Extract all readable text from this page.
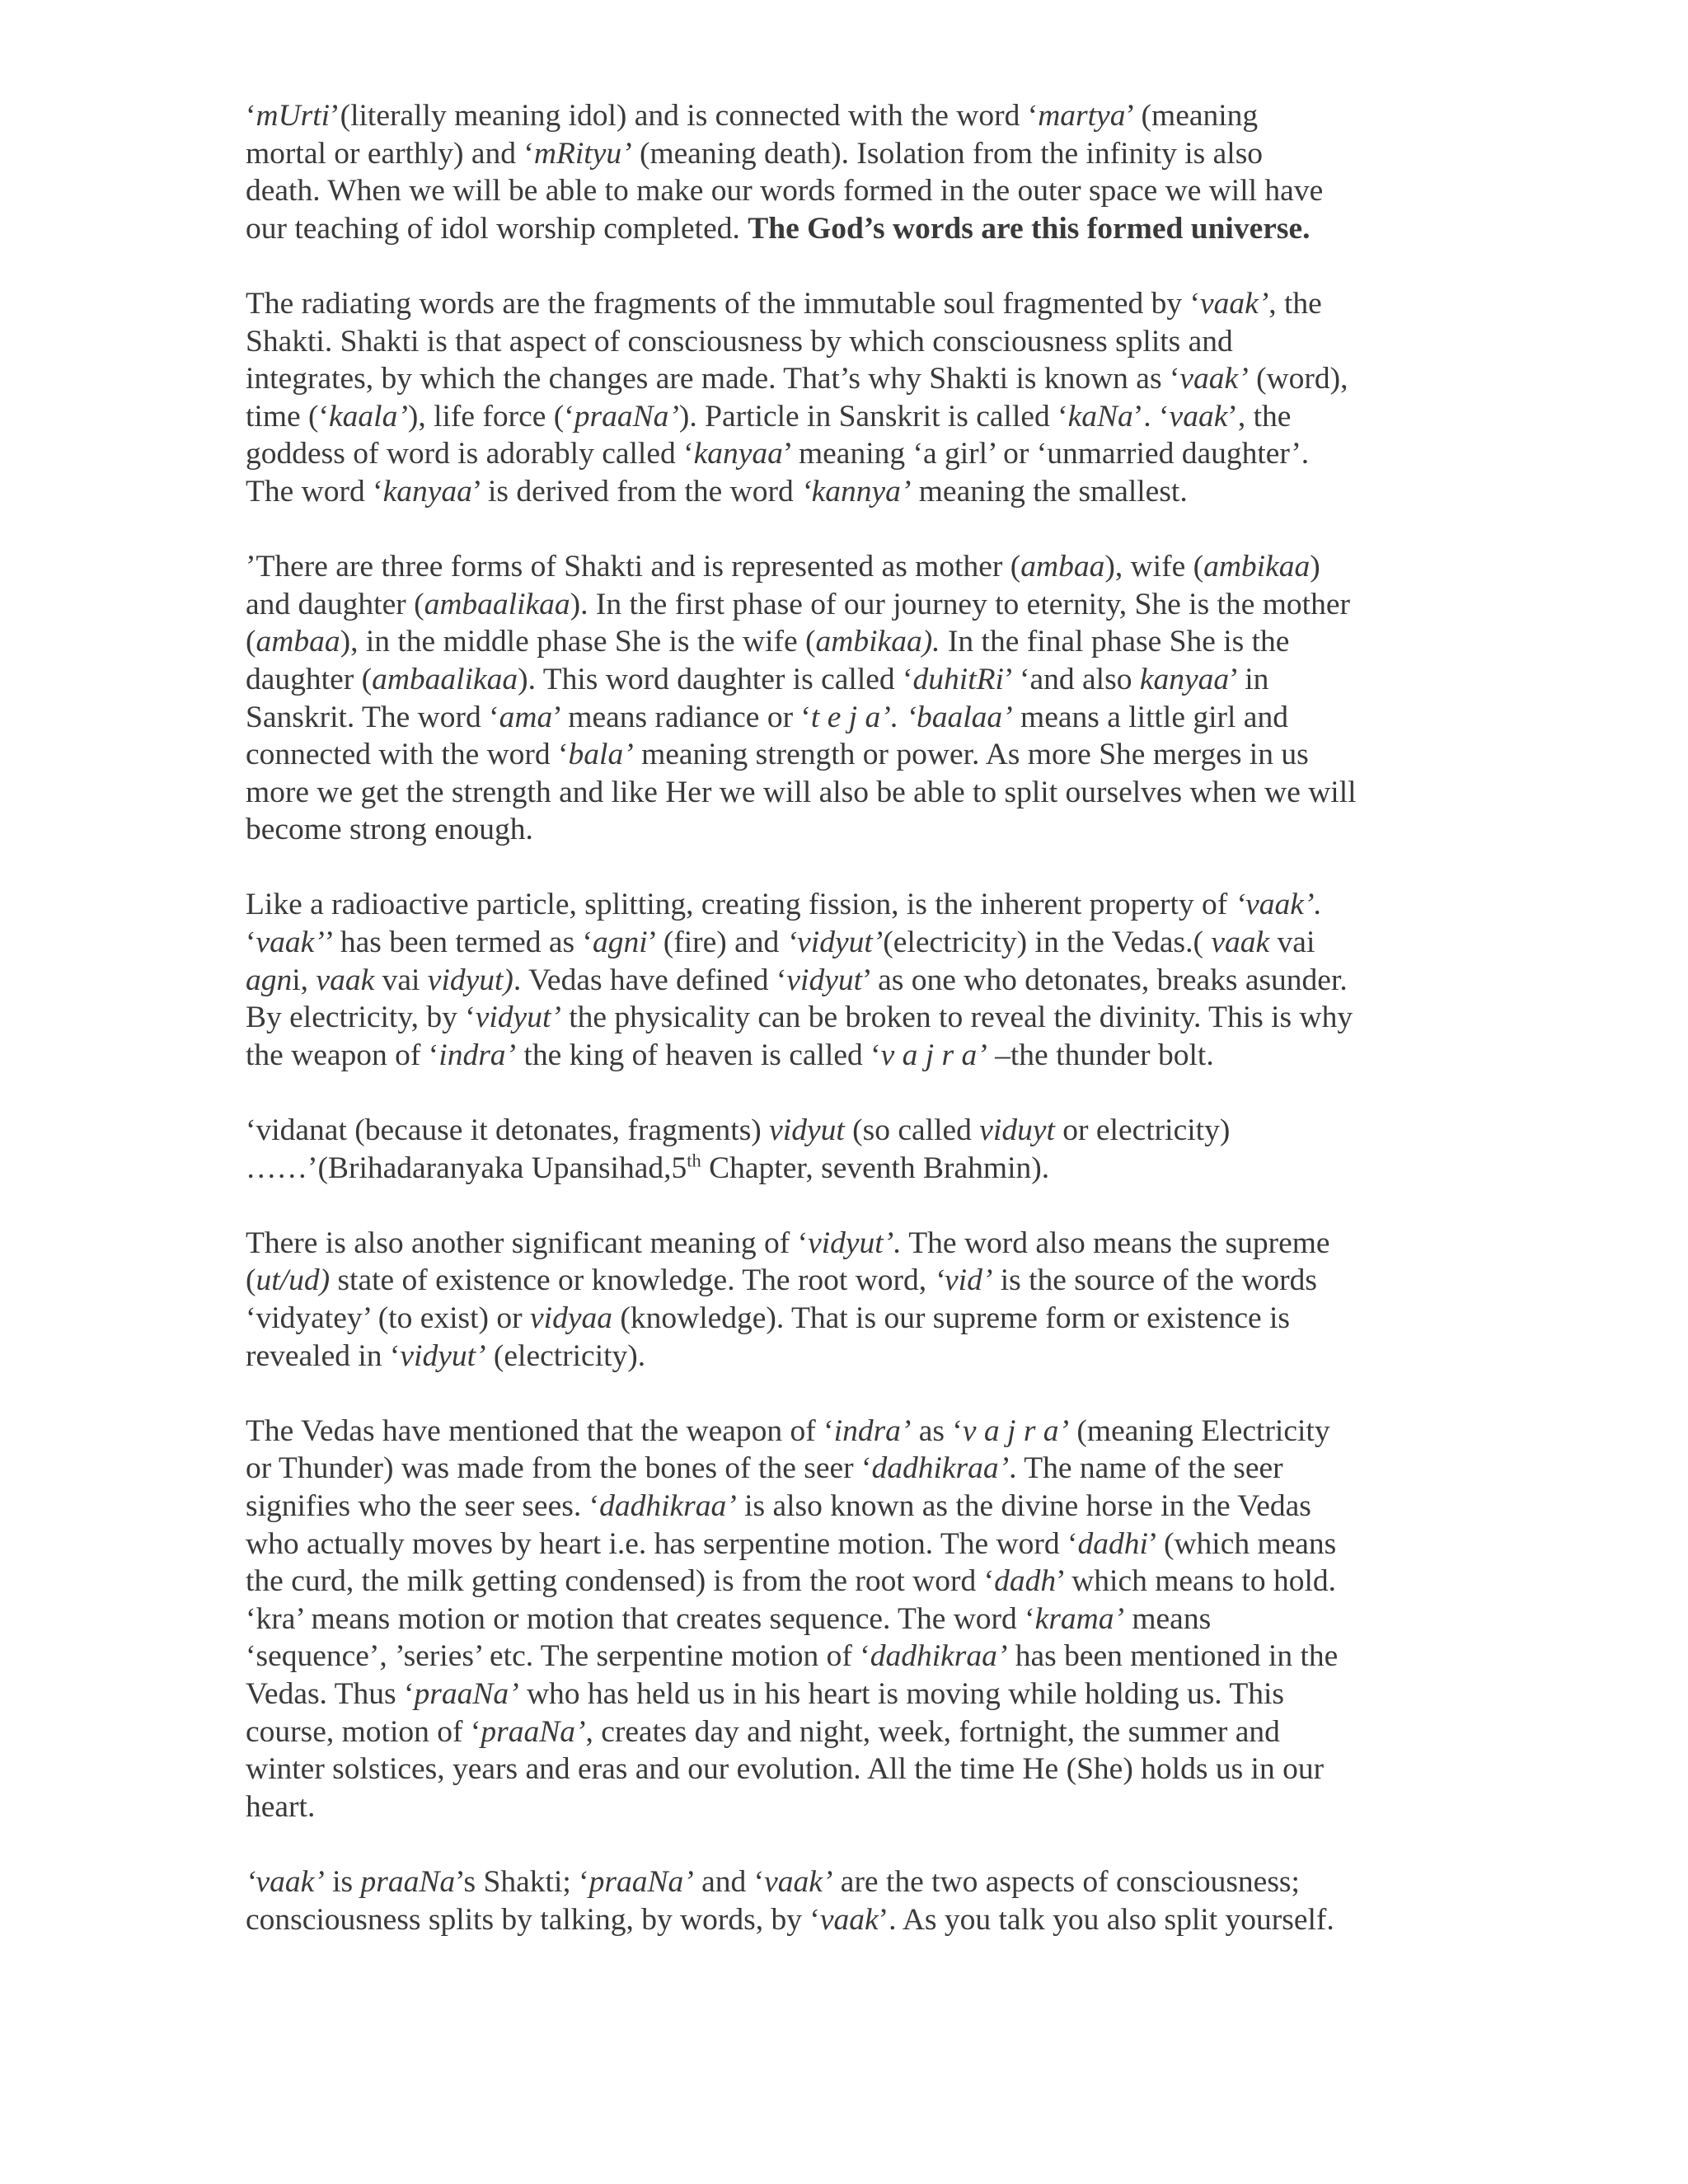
‘mUrti’(literally meaning idol) and is connected with the word ‘martya’ (meaning
mortal or earthly) and ‘mRityu’ (meaning death). Isolation from the infinity is also
death. When we will be able to make our words formed in the outer space we will have
our teaching of idol worship completed. The God’s words are this formed universe.

The radiating words are the fragments of the immutable soul fragmented by ‘vaak’, the
Shakti. Shakti is that aspect of consciousness by which consciousness splits and
integrates, by which the changes are made. That’s why Shakti is known as ‘vaak’ (word),
time (‘kaala’), life force (‘praaNa’). Particle in Sanskrit is called ‘kaNa’. ‘vaak’, the
goddess of word is adorably called ‘kanyaa’ meaning ‘a girl’ or ‘unmarried daughter’.
The word ‘kanyaa’ is derived from the word ‘kannya’ meaning the smallest.

’There are three forms of Shakti and is represented as mother (ambaa), wife (ambikaa)
and daughter (ambaalikaa). In the first phase of our journey to eternity, She is the mother
(ambaa), in the middle phase She is the wife (ambikaa). In the final phase She is the
daughter (ambaalikaa). This word daughter is called ‘duhitRi’ ‘and also kanyaa’ in
Sanskrit. The word ‘ama’ means radiance or ‘t e j a’. ‘baalaa’ means a little girl and
connected with the word ‘bala’ meaning strength or power. As more She merges in us
more we get the strength and like Her we will also be able to split ourselves when we will
become strong enough.

Like a radioactive particle, splitting, creating fission, is the inherent property of ‘vaak’.
‘vaak’’ has been termed as ‘agni’ (fire) and ‘vidyut’(electricity) in the Vedas.( vaak vai
agni, vaak vai vidyut). Vedas have defined ‘vidyut’ as one who detonates, breaks asunder.
By electricity, by ‘vidyut’ the physicality can be broken to reveal the divinity. This is why
the weapon of ‘indra’ the king of heaven is called ‘v a j r a’ –the thunder bolt.

‘vidanat (because it detonates, fragments) vidyut (so called viduyt or electricity)
……’(Brihadaranyaka Upansihad,5th Chapter, seventh Brahmin).

There is also another significant meaning of ‘vidyut’. The word also means the supreme
(ut/ud) state of existence or knowledge. The root word, ‘vid’ is the source of the words
‘vidyatey’ (to exist) or vidyaa (knowledge). That is our supreme form or existence is
revealed in ‘vidyut’ (electricity).

The Vedas have mentioned that the weapon of ‘indra’ as ‘v a j r a’ (meaning Electricity
or Thunder) was made from the bones of the seer ‘dadhikraa’. The name of the seer
signifies who the seer sees. ‘dadhikraa’ is also known as the divine horse in the Vedas
who actually moves by heart i.e. has serpentine motion. The word ‘dadhi’ (which means
the curd, the milk getting condensed) is from the root word ‘dadh’ which means to hold.
‘kra’ means motion or motion that creates sequence. The word ‘krama’ means
‘sequence’, ’series’ etc. The serpentine motion of ‘dadhikraa’ has been mentioned in the
Vedas. Thus ‘praaNa’ who has held us in his heart is moving while holding us. This
course, motion of ‘praaNa’, creates day and night, week, fortnight, the summer and
winter solstices, years and eras and our evolution. All the time He (She) holds us in our
heart.

‘vaak’ is praaNa’s Shakti; ‘praaNa’ and ‘vaak’ are the two aspects of consciousness;
consciousness splits by talking, by words, by ‘vaak’. As you talk you also split yourself.
